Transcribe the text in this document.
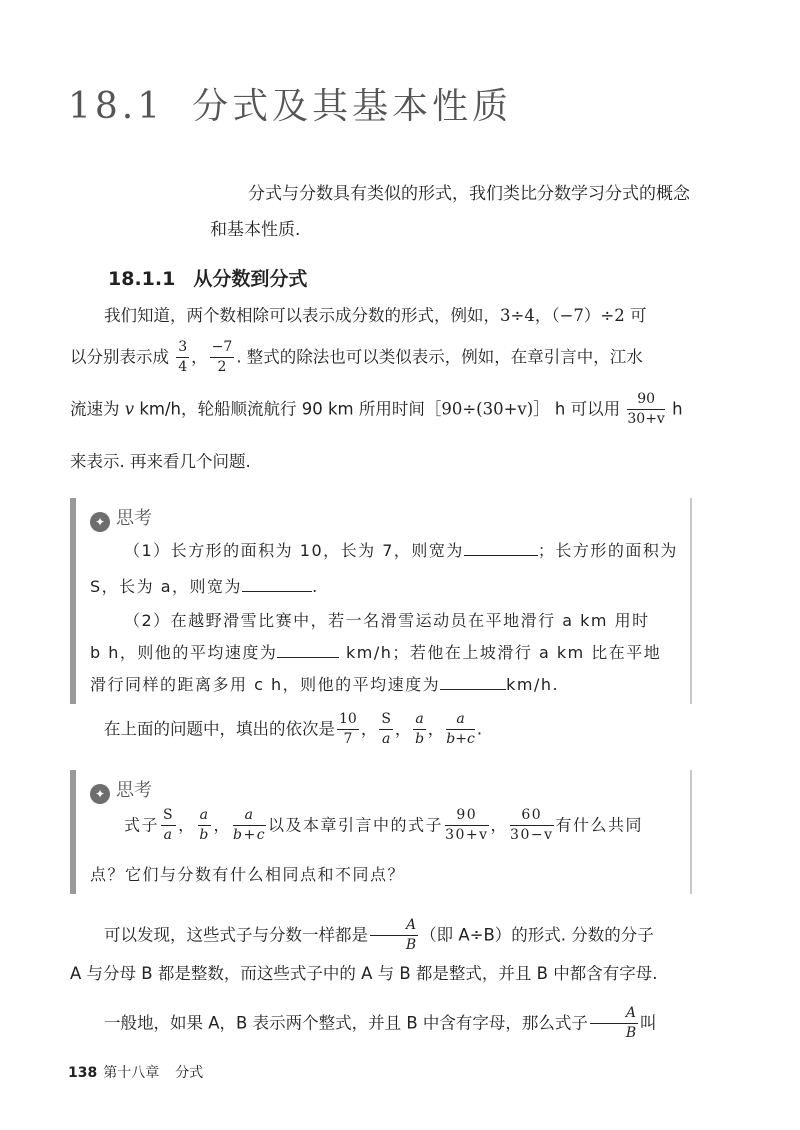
18.1 分式及其基本性质
分式与分数具有类似的形式，我们类比分数学习分式的概念和基本性质.
18.1.1 从分数到分式
我们知道，两个数相除可以表示成分数的形式，例如，3÷4，（−7）÷2 可
以分别表示成 $\frac{3}{4}$ ， $\frac{-7}{2}$ . 整式的除法也可以类似表示，例如，在章引言中，江水
流速为 v km/h，轮船顺流航行 90 km 所用时间［90÷(30+v)］ h 可以用 $\frac{90}{30+v}$ h
来表示. 再来看几个问题.
✦ 思考
（1）长方形的面积为 10，长为 7，则宽为	；长方形的面积为
S，长为 a，则宽为	.
（2）在越野滑雪比赛中，若一名滑雪运动员在平地滑行 a km 用时
b h，则他的平均速度为	km/h；若他在上坡滑行 a km 比在平地
滑行同样的距离多用 c h，则他的平均速度为	km/h.
在上面的问题中，填出的依次是 $\frac{10}{7}$ ， $\frac{S}{a}$ ， $\frac{a}{b}$ ， $\frac{a}{b+c}$ .
✦ 思考
式子 $\frac{S}{a}$ ， $\frac{a}{b}$ ， $\frac{a}{b+c}$ 以及本章引言中的式子 $\frac{90}{30+v}$ ， $\frac{60}{30-v}$ 有什么共同
点？它们与分数有什么相同点和不同点？
可以发现，这些式子与分数一样都是 $\frac{A}{B}$ （即 A÷B）的形式. 分数的分子
A 与分母 B 都是整数，而这些式子中的 A 与 B 都是整式，并且 B 中都含有字母.
一般地，如果 A，B 表示两个整式，并且 B 中含有字母，那么式子 $\frac{A}{B}$ 叫
138 第十八章 分式
